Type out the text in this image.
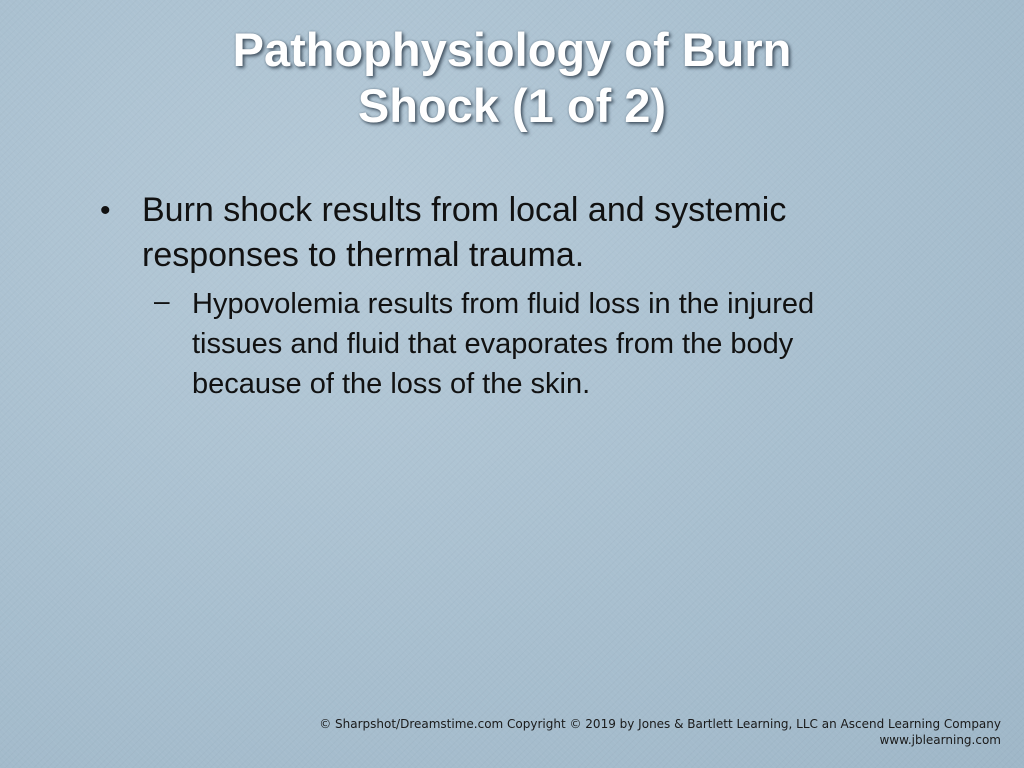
Pathophysiology of Burn
Shock (1 of 2)
• Burn shock results from local and systemic
responses to thermal trauma.
– Hypovolemia results from fluid loss in the injured
tissues and fluid that evaporates from the body
because of the loss of the skin.
© Sharpshot/Dreamstime.com Copyright © 2019 by Jones & Bartlett Learning, LLC an Ascend Learning Company
www.jblearning.com
